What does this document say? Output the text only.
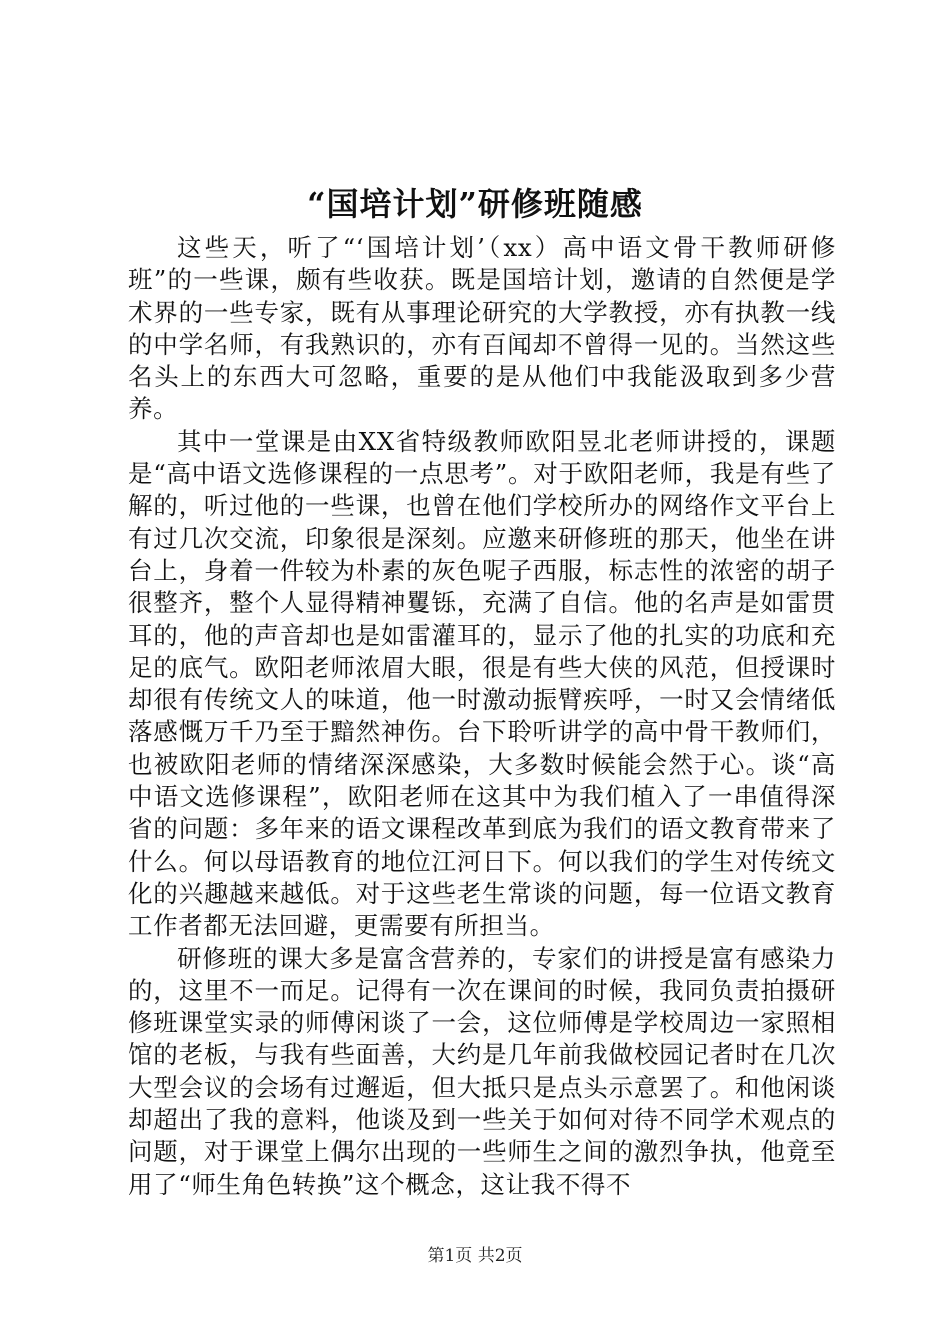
“国培计划”研修班随感

这些天，听了“‘国培计划’（xx）高中语文骨干教师研修班”的一些课，颇有些收获。既是国培计划，邀请的自然便是学术界的一些专家，既有从事理论研究的大学教授，亦有执教一线的中学名师，有我熟识的，亦有百闻却不曾得一见的。当然这些名头上的东西大可忽略，重要的是从他们中我能汲取到多少营养。

其中一堂课是由XX省特级教师欧阳昱北老师讲授的，课题是“高中语文选修课程的一点思考”。对于欧阳老师，我是有些了解的，听过他的一些课，也曾在他们学校所办的网络作文平台上有过几次交流，印象很是深刻。应邀来研修班的那天，他坐在讲台上，身着一件较为朴素的灰色呢子西服，标志性的浓密的胡子很整齐，整个人显得精神矍铄，充满了自信。他的名声是如雷贯耳的，他的声音却也是如雷灌耳的，显示了他的扎实的功底和充足的底气。欧阳老师浓眉大眼，很是有些大侠的风范，但授课时却很有传统文人的味道，他一时激动振臂疾呼，一时又会情绪低落感慨万千乃至于黯然神伤。台下聆听讲学的高中骨干教师们，也被欧阳老师的情绪深深感染，大多数时候能会然于心。谈“高中语文选修课程”，欧阳老师在这其中为我们植入了一串值得深省的问题：多年来的语文课程改革到底为我们的语文教育带来了什么。何以母语教育的地位江河日下。何以我们的学生对传统文化的兴趣越来越低。对于这些老生常谈的问题，每一位语文教育工作者都无法回避，更需要有所担当。

研修班的课大多是富含营养的，专家们的讲授是富有感染力的，这里不一而足。记得有一次在课间的时候，我同负责拍摄研修班课堂实录的师傅闲谈了一会，这位师傅是学校周边一家照相馆的老板，与我有些面善，大约是几年前我做校园记者时在几次大型会议的会场有过邂逅，但大抵只是点头示意罢了。和他闲谈却超出了我的意料，他谈及到一些关于如何对待不同学术观点的问题，对于课堂上偶尔出现的一些师生之间的激烈争执，他竟至用了“师生角色转换”这个概念，这让我不得不

第1页 共2页
